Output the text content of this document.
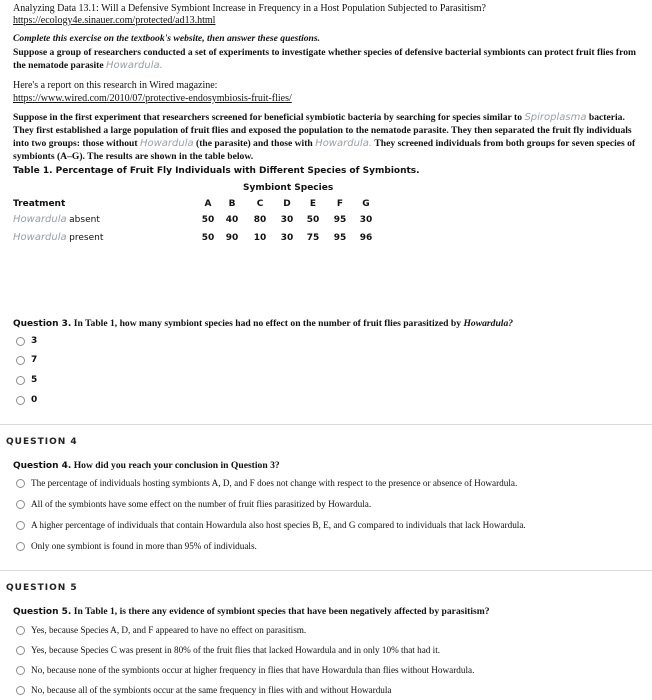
Analyzing Data 13.1: Will a Defensive Symbiont Increase in Frequency in a Host Population Subjected to Parasitism?
https://ecology4e.sinauer.com/protected/ad13.html
Complete this exercise on the textbook's website, then answer these questions.
Suppose a group of researchers conducted a set of experiments to investigate whether species of defensive bacterial symbionts can protect fruit flies from the nematode parasite Howardula.
Here's a report on this research in Wired magazine:
https://www.wired.com/2010/07/protective-endosymbiosis-fruit-flies/
Suppose in the first experiment that researchers screened for beneficial symbiotic bacteria by searching for species similar to Spiroplasma bacteria. They first established a large population of fruit flies and exposed the population to the nematode parasite. They then separated the fruit fly individuals into two groups: those without Howardula (the parasite) and those with Howardula. They screened individuals from both groups for seven species of symbionts (A–G). The results are shown in the table below.
Table 1. Percentage of Fruit Fly Individuals with Different Species of Symbionts.
Symbiont Species
Treatment	A	B	C	D	E	F	G
Howardula absent	50	40	80	30	50	95	30
Howardula present	50	90	10	30	75	95	96
Question 3. In Table 1, how many symbiont species had no effect on the number of fruit flies parasitized by Howardula?
3
7
5
0
QUESTION 4
Question 4. How did you reach your conclusion in Question 3?
The percentage of individuals hosting symbionts A, D, and F does not change with respect to the presence or absence of Howardula.
All of the symbionts have some effect on the number of fruit flies parasitized by Howardula.
A higher percentage of individuals that contain Howardula also host species B, E, and G compared to individuals that lack Howardula.
Only one symbiont is found in more than 95% of individuals.
QUESTION 5
Question 5. In Table 1, is there any evidence of symbiont species that have been negatively affected by parasitism?
Yes, because Species A, D, and F appeared to have no effect on parasitism.
Yes, because Species C was present in 80% of the fruit flies that lacked Howardula and in only 10% that had it.
No, because none of the symbionts occur at higher frequency in flies that have Howardula than flies without Howardula.
No, because all of the symbionts occur at the same frequency in flies with and without Howardula
